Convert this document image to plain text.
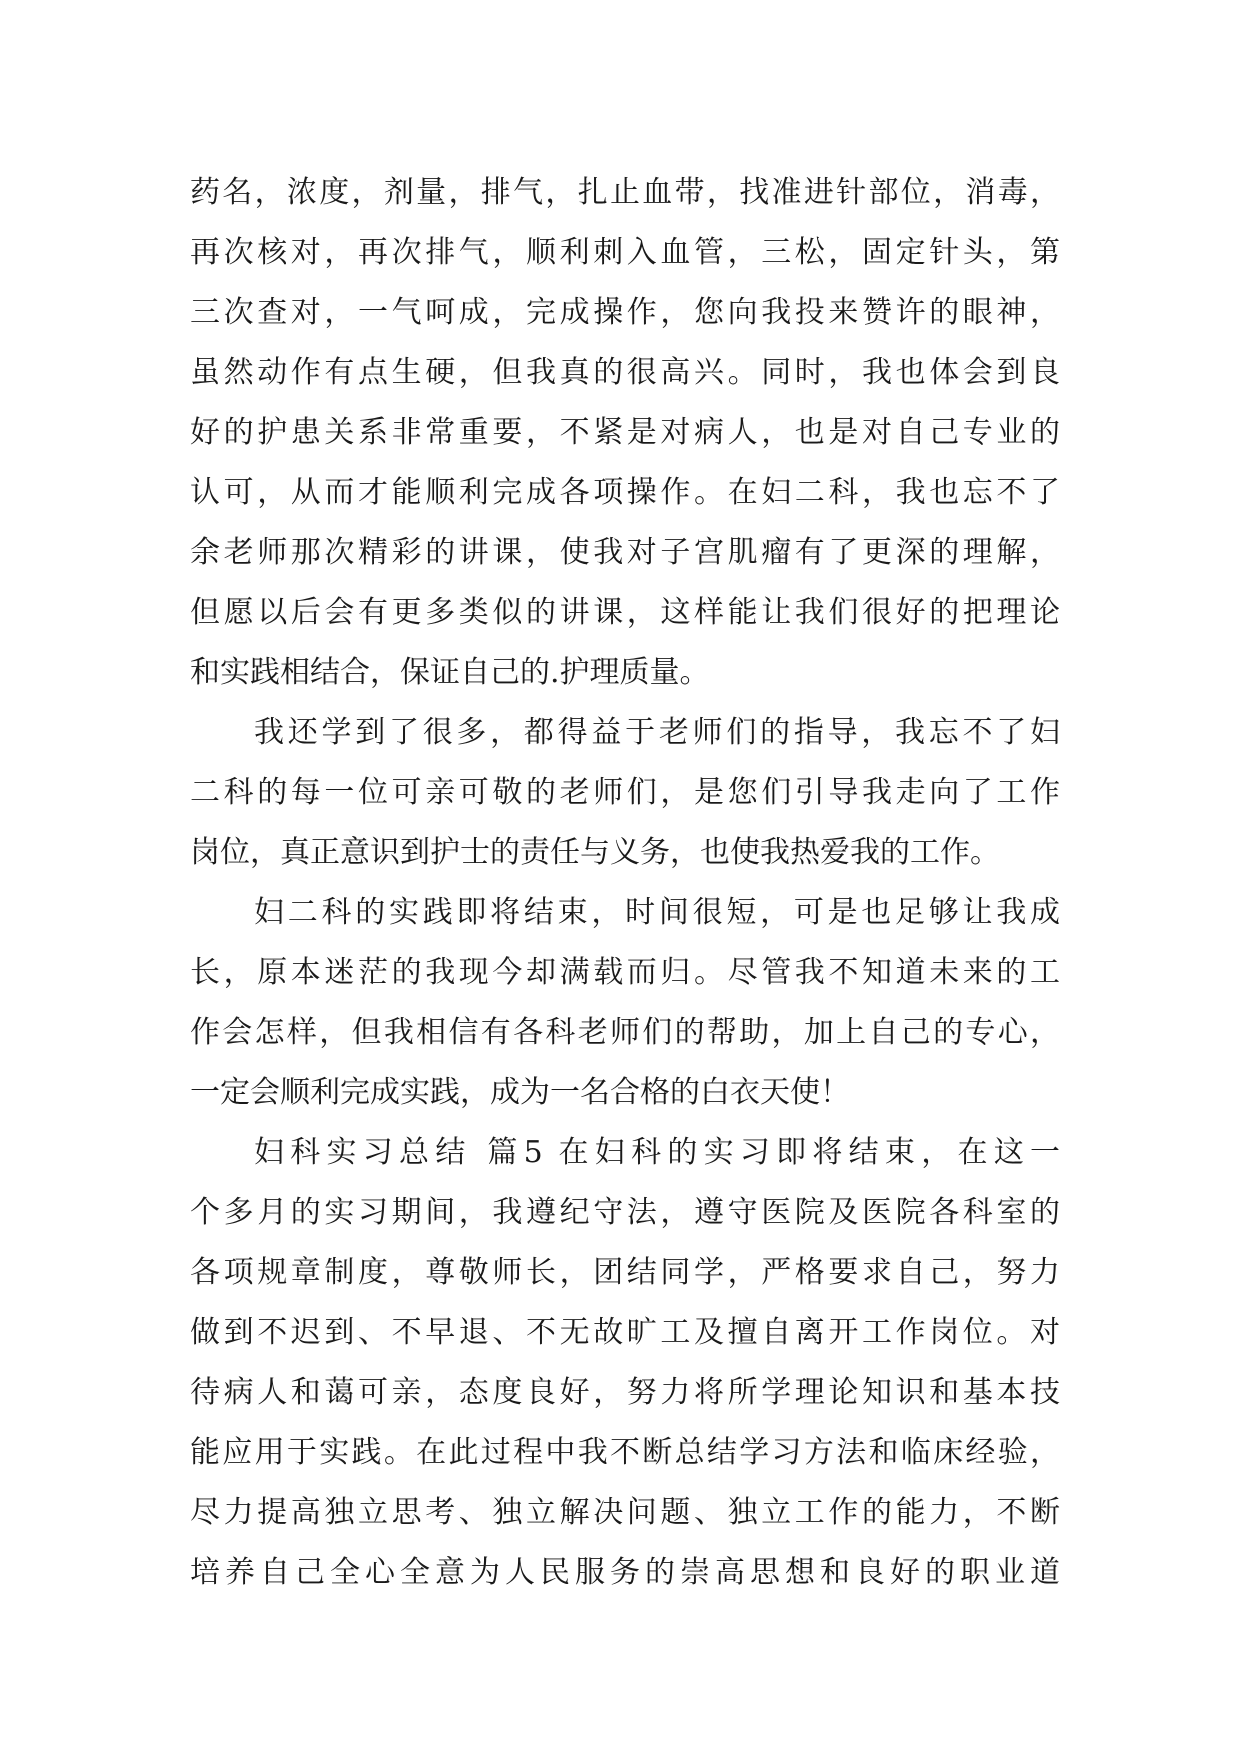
药名，浓度，剂量，排气，扎止血带，找准进针部位，消毒，
再次核对，再次排气，顺利刺入血管，三松，固定针头，第
三次查对，一气呵成，完成操作，您向我投来赞许的眼神，
虽然动作有点生硬，但我真的很高兴。同时，我也体会到良
好的护患关系非常重要，不紧是对病人，也是对自己专业的
认可，从而才能顺利完成各项操作。在妇二科，我也忘不了
余老师那次精彩的讲课，使我对子宫肌瘤有了更深的理解，
但愿以后会有更多类似的讲课，这样能让我们很好的把理论
和实践相结合，保证自己的.护理质量。
我还学到了很多，都得益于老师们的指导，我忘不了妇
二科的每一位可亲可敬的老师们，是您们引导我走向了工作
岗位，真正意识到护士的责任与义务，也使我热爱我的工作。
妇二科的实践即将结束，时间很短，可是也足够让我成
长，原本迷茫的我现今却满载而归。尽管我不知道未来的工
作会怎样，但我相信有各科老师们的帮助，加上自己的专心，
一定会顺利完成实践，成为一名合格的白衣天使！
妇科实习总结 篇5 在妇科的实习即将结束，在这一
个多月的实习期间，我遵纪守法，遵守医院及医院各科室的
各项规章制度，尊敬师长，团结同学，严格要求自己，努力
做到不迟到、不早退、不无故旷工及擅自离开工作岗位。对
待病人和蔼可亲，态度良好，努力将所学理论知识和基本技
能应用于实践。在此过程中我不断总结学习方法和临床经验，
尽力提高独立思考、独立解决问题、独立工作的能力，不断
培养自己全心全意为人民服务的崇高思想和良好的职业道
